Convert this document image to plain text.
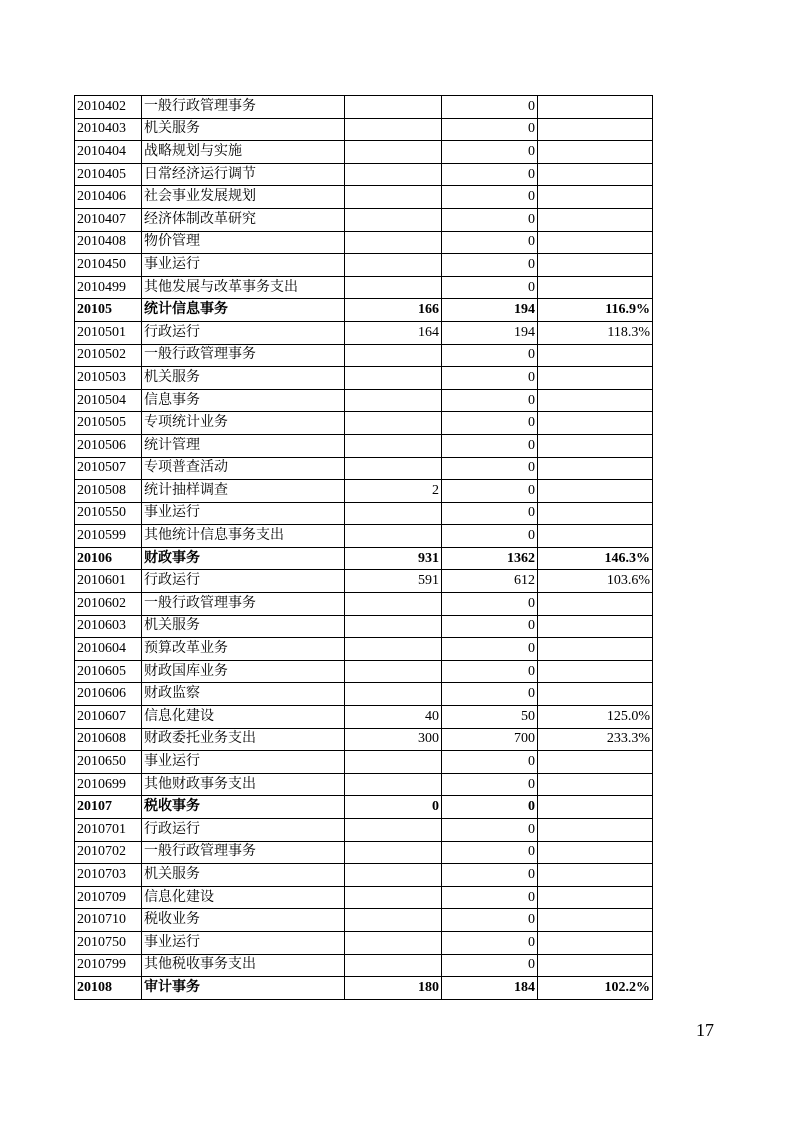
2010402	一般行政管理事务		0	
2010403	机关服务		0	
2010404	战略规划与实施		0	
2010405	日常经济运行调节		0	
2010406	社会事业发展规划		0	
2010407	经济体制改革研究		0	
2010408	物价管理		0	
2010450	事业运行		0	
2010499	其他发展与改革事务支出		0	
20105	统计信息事务	166	194	116.9%
2010501	行政运行	164	194	118.3%
2010502	一般行政管理事务		0	
2010503	机关服务		0	
2010504	信息事务		0	
2010505	专项统计业务		0	
2010506	统计管理		0	
2010507	专项普查活动		0	
2010508	统计抽样调查	2	0	
2010550	事业运行		0	
2010599	其他统计信息事务支出		0	
20106	财政事务	931	1362	146.3%
2010601	行政运行	591	612	103.6%
2010602	一般行政管理事务		0	
2010603	机关服务		0	
2010604	预算改革业务		0	
2010605	财政国库业务		0	
2010606	财政监察		0	
2010607	信息化建设	40	50	125.0%
2010608	财政委托业务支出	300	700	233.3%
2010650	事业运行		0	
2010699	其他财政事务支出		0	
20107	税收事务	0	0	
2010701	行政运行		0	
2010702	一般行政管理事务		0	
2010703	机关服务		0	
2010709	信息化建设		0	
2010710	税收业务		0	
2010750	事业运行		0	
2010799	其他税收事务支出		0	
20108	审计事务	180	184	102.2%
17
